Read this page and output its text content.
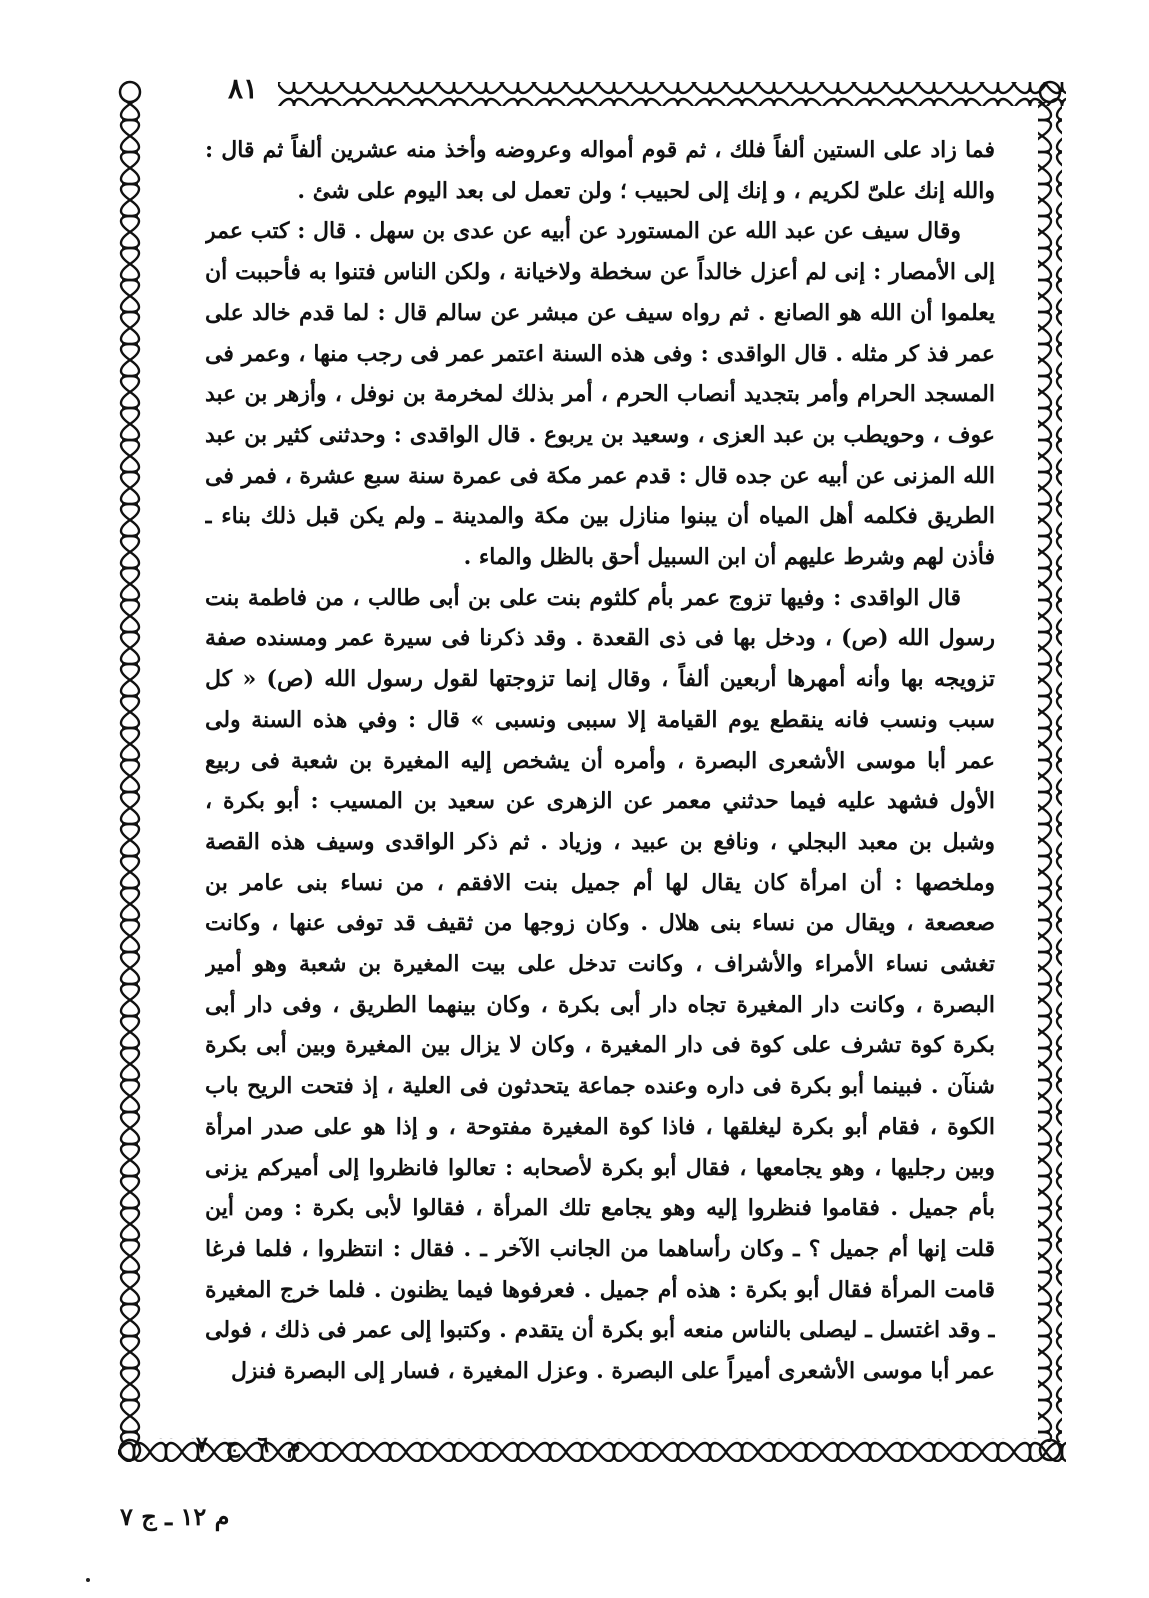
٨١

فما زاد على الستين ألفاً فلك ، ثم قوم أمواله وعروضه وأخذ منه عشرين ألفاً ثم قال : والله إنك علىّ لكريم ، و إنك إلى لحبيب ؛ ولن تعمل لى بعد اليوم على شئ .

وقال سيف عن عبد الله عن المستورد عن أبيه عن عدى بن سهل . قال : كتب عمر إلى الأمصار : إنى لم أعزل خالداً عن سخطة ولاخيانة ، ولكن الناس فتنوا به فأحببت أن يعلموا أن الله هو الصانع . ثم رواه سيف عن مبشر عن سالم قال : لما قدم خالد على عمر فذ كر مثله . قال الواقدى : وفى هذه السنة اعتمر عمر فى رجب منها ، وعمر فى المسجد الحرام وأمر بتجديد أنصاب الحرم ، أمر بذلك لمخرمة بن نوفل ، وأزهر بن عبد عوف ، وحويطب بن عبد العزى ، وسعيد بن يربوع . قال الواقدى : وحدثنى كثير بن عبد الله المزنى عن أبيه عن جده قال : قدم عمر مكة فى عمرة سنة سبع عشرة ، فمر فى الطريق فكلمه أهل المياه أن يبنوا منازل بين مكة والمدينة ـ ولم يكن قبل ذلك بناء ـ فأذن لهم وشرط عليهم أن ابن السبيل أحق بالظل والماء .

قال الواقدى : وفيها تزوج عمر بأم كلثوم بنت على بن أبى طالب ، من فاطمة بنت رسول الله (ص) ، ودخل بها فى ذى القعدة . وقد ذكرنا فى سيرة عمر ومسنده صفة تزويجه بها وأنه أمهرها أربعين ألفاً ، وقال إنما تزوجتها لقول رسول الله (ص) « كل سبب ونسب فانه ينقطع يوم القيامة إلا سببى ونسبى » قال : وفي هذه السنة ولى عمر أبا موسى الأشعرى البصرة ، وأمره أن يشخص إليه المغيرة بن شعبة فى ربيع الأول فشهد عليه فيما حدثني معمر عن الزهرى عن سعيد بن المسيب : أبو بكرة ، وشبل بن معبد البجلي ، ونافع بن عبيد ، وزياد . ثم ذكر الواقدى وسيف هذه القصة وملخصها : أن امرأة كان يقال لها أم جميل بنت الافقم ، من نساء بنى عامر بن صعصعة ، ويقال من نساء بنى هلال . وكان زوجها من ثقيف قد توفى عنها ، وكانت تغشى نساء الأمراء والأشراف ، وكانت تدخل على بيت المغيرة بن شعبة وهو أمير البصرة ، وكانت دار المغيرة تجاه دار أبى بكرة ، وكان بينهما الطريق ، وفى دار أبى بكرة كوة تشرف على كوة فى دار المغيرة ، وكان لا يزال بين المغيرة وبين أبى بكرة شنآن . فبينما أبو بكرة فى داره وعنده جماعة يتحدثون فى العلية ، إذ فتحت الريح باب الكوة ، فقام أبو بكرة ليغلقها ، فاذا كوة المغيرة مفتوحة ، و إذا هو على صدر امرأة وبين رجليها ، وهو يجامعها ، فقال أبو بكرة لأصحابه : تعالوا فانظروا إلى أميركم يزنى بأم جميل . فقاموا فنظروا إليه وهو يجامع تلك المرأة ، فقالوا لأبى بكرة : ومن أين قلت إنها أم جميل ؟ ـ وكان رأساهما من الجانب الآخر ـ . فقال : انتظروا ، فلما فرغا قامت المرأة فقال أبو بكرة : هذه أم جميل . فعرفوها فيما يظنون . فلما خرج المغيرة ـ وقد اغتسل ـ ليصلى بالناس منعه أبو بكرة أن يتقدم . وكتبوا إلى عمر فى ذلك ، فولى عمر أبا موسى الأشعرى أميراً على البصرة . وعزل المغيرة ، فسار إلى البصرة فنزل

م ٦ ج ٧
م ١٢ ـ ج ٧
